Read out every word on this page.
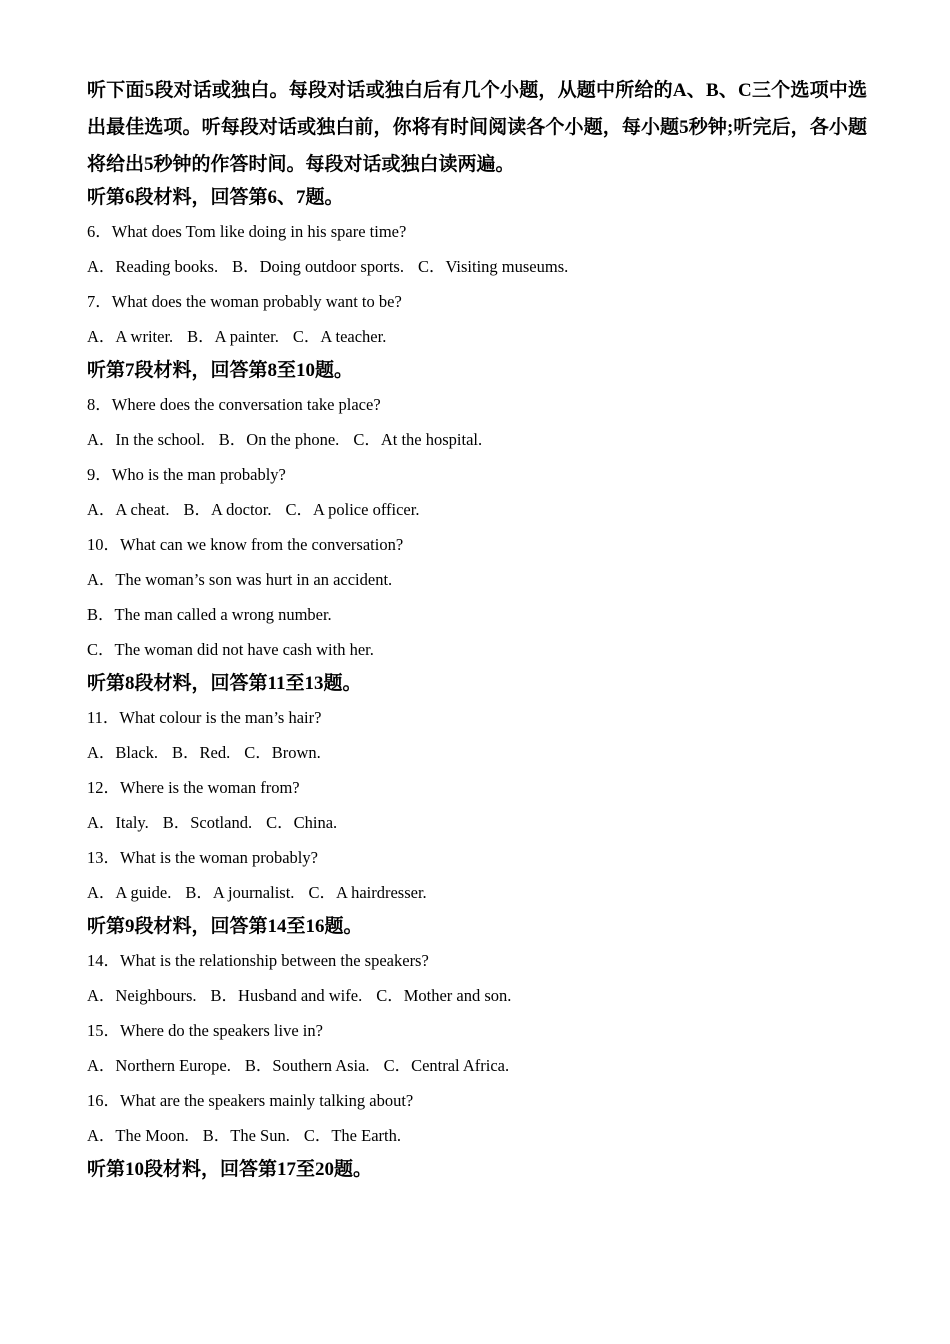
听下面5段对话或独白。每段对话或独白后有几个小题，从题中所给的A、B、C三个选项中选出最佳选项。听每段对话或独白前，你将有时间阅读各个小题，每小题5秒钟;听完后，各小题将给出5秒钟的作答时间。每段对话或独白读两遍。

听第6段材料，回答第6、7题。

6．What does Tom like doing in his spare time?

A．Reading books. B．Doing outdoor sports. C．Visiting museums.

7．What does the woman probably want to be?

A．A writer. B．A painter. C．A teacher.

听第7段材料，回答第8至10题。

8．Where does the conversation take place?

A．In the school. B．On the phone. C．At the hospital.

9．Who is the man probably?

A．A cheat. B．A doctor. C．A police officer.

10．What can we know from the conversation?

A．The woman’s son was hurt in an accident.

B．The man called a wrong number.

C．The woman did not have cash with her.

听第8段材料，回答第11至13题。

11．What colour is the man’s hair?

A．Black. B．Red. C．Brown.

12．Where is the woman from?

A．Italy. B．Scotland. C．China.

13．What is the woman probably?

A．A guide. B．A journalist. C．A hairdresser.

听第9段材料，回答第14至16题。

14．What is the relationship between the speakers?

A．Neighbours. B．Husband and wife. C．Mother and son.

15．Where do the speakers live in?

A．Northern Europe. B．Southern Asia. C．Central Africa.

16．What are the speakers mainly talking about?

A．The Moon. B．The Sun. C．The Earth.

听第10段材料，回答第17至20题。
